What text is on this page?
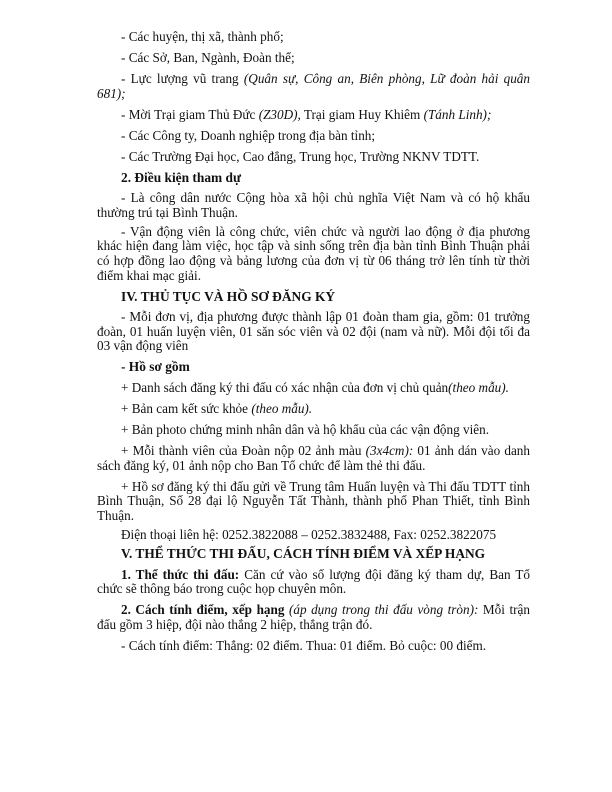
- Các huyện, thị xã, thành phố;

- Các Sở, Ban, Ngành, Đoàn thể;

- Lực lượng vũ trang (Quân sự, Công an, Biên phòng, Lữ đoàn hải quân 681);

- Mời Trại giam Thủ Đức (Z30D), Trại giam Huy Khiêm (Tánh Linh);

- Các Công ty, Doanh nghiệp trong địa bàn tỉnh;

- Các Trường Đại học, Cao đẳng, Trung học, Trường NKNV TDTT.

2. Điều kiện tham dự

- Là công dân nước Cộng hòa xã hội chủ nghĩa Việt Nam và có hộ khẩu thường trú tại Bình Thuận.

- Vận động viên là công chức, viên chức và người lao động ở địa phương khác hiện đang làm việc, học tập và sinh sống trên địa bàn tỉnh Bình Thuận phải có hợp đồng lao động và bảng lương của đơn vị từ 06 tháng trở lên tính từ thời điểm khai mạc giải.

IV. THỦ TỤC VÀ HỒ SƠ ĐĂNG KÝ

- Mỗi đơn vị, địa phương được thành lập 01 đoàn tham gia, gồm: 01 trưởng đoàn, 01 huấn luyện viên, 01 săn sóc viên và 02 đội (nam và nữ). Mỗi đội tối đa 03 vận động viên

- Hồ sơ gồm

+ Danh sách đăng ký thi đấu có xác nhận của đơn vị chủ quản(theo mẫu).

+ Bản cam kết sức khỏe (theo mẫu).

+ Bản photo chứng minh nhân dân và hộ khẩu của các vận động viên.

+ Mỗi thành viên của Đoàn nộp 02 ảnh màu (3x4cm): 01 ảnh dán vào danh sách đăng ký, 01 ảnh nộp cho Ban Tổ chức để làm thẻ thi đấu.

+ Hồ sơ đăng ký thi đấu gửi về Trung tâm Huấn luyện và Thi đấu TDTT tỉnh Bình Thuận, Số 28 đại lộ Nguyễn Tất Thành, thành phố Phan Thiết, tỉnh Bình Thuận.

Điện thoại liên hệ: 0252.3822088 – 0252.3832488, Fax: 0252.3822075

V. THỂ THỨC THI ĐẤU, CÁCH TÍNH ĐIỂM VÀ XẾP HẠNG

1. Thể thức thi đấu: Căn cứ vào số lượng đội đăng ký tham dự, Ban Tổ chức sẽ thông báo trong cuộc họp chuyên môn.

2. Cách tính điểm, xếp hạng (áp dụng trong thi đấu vòng tròn): Mỗi trận đấu gồm 3 hiệp, đội nào thắng 2 hiệp, thắng trận đó.

- Cách tính điểm: Thắng: 02 điểm. Thua: 01 điểm. Bỏ cuộc: 00 điểm.
